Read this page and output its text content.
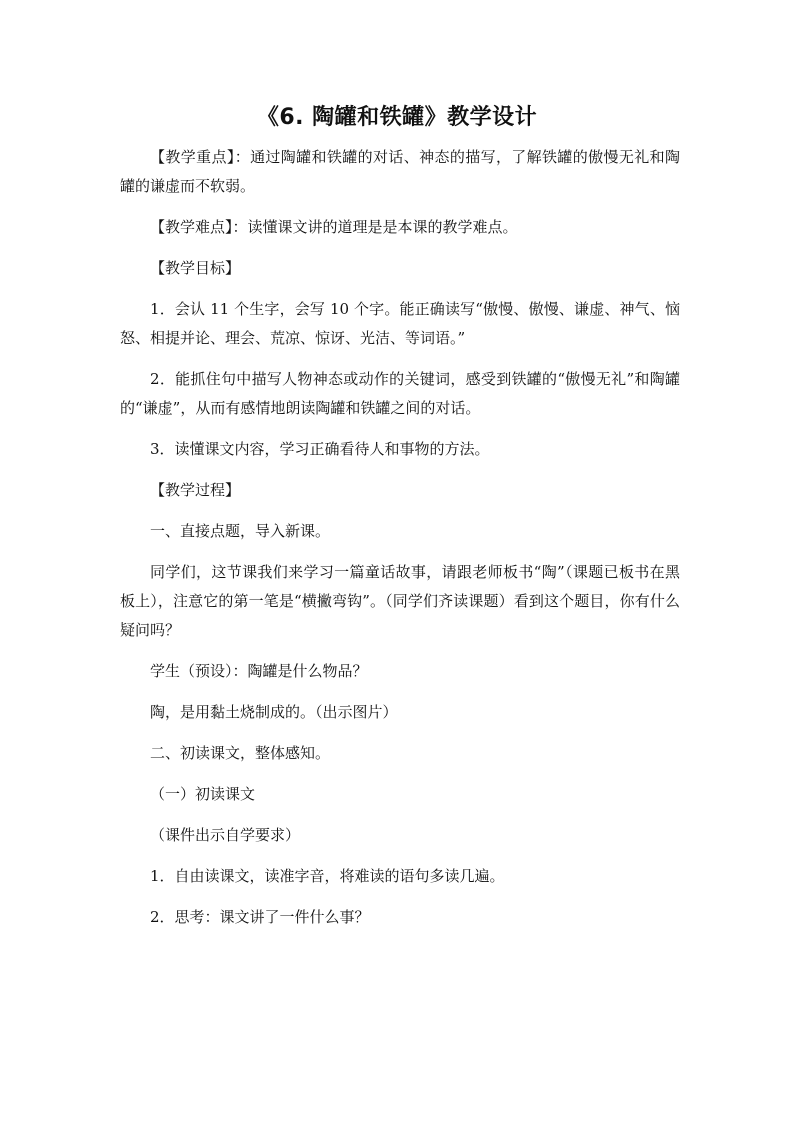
《6. 陶罐和铁罐》教学设计
【教学重点】：通过陶罐和铁罐的对话、神态的描写，了解铁罐的傲慢无礼和陶罐的谦虚而不软弱。
【教学难点】：读懂课文讲的道理是是本课的教学难点。
【教学目标】
1．会认 11 个生字，会写 10 个字。能正确读写“傲慢、傲慢、谦虚、神气、恼怒、相提并论、理会、荒凉、惊讶、光洁、等词语。”
2．能抓住句中描写人物神态或动作的关键词，感受到铁罐的“傲慢无礼”和陶罐的“谦虚”，从而有感情地朗读陶罐和铁罐之间的对话。
3．读懂课文内容，学习正确看待人和事物的方法。
【教学过程】
一、直接点题，导入新课。
同学们，这节课我们来学习一篇童话故事，请跟老师板书“陶”（课题已板书在黑板上），注意它的第一笔是“横撇弯钩”。（同学们齐读课题）看到这个题目，你有什么疑问吗？
学生（预设）：陶罐是什么物品？
陶，是用黏土烧制成的。（出示图片）
二、初读课文，整体感知。
（一）初读课文
（课件出示自学要求）
1．自由读课文，读准字音，将难读的语句多读几遍。
2．思考：课文讲了一件什么事？
